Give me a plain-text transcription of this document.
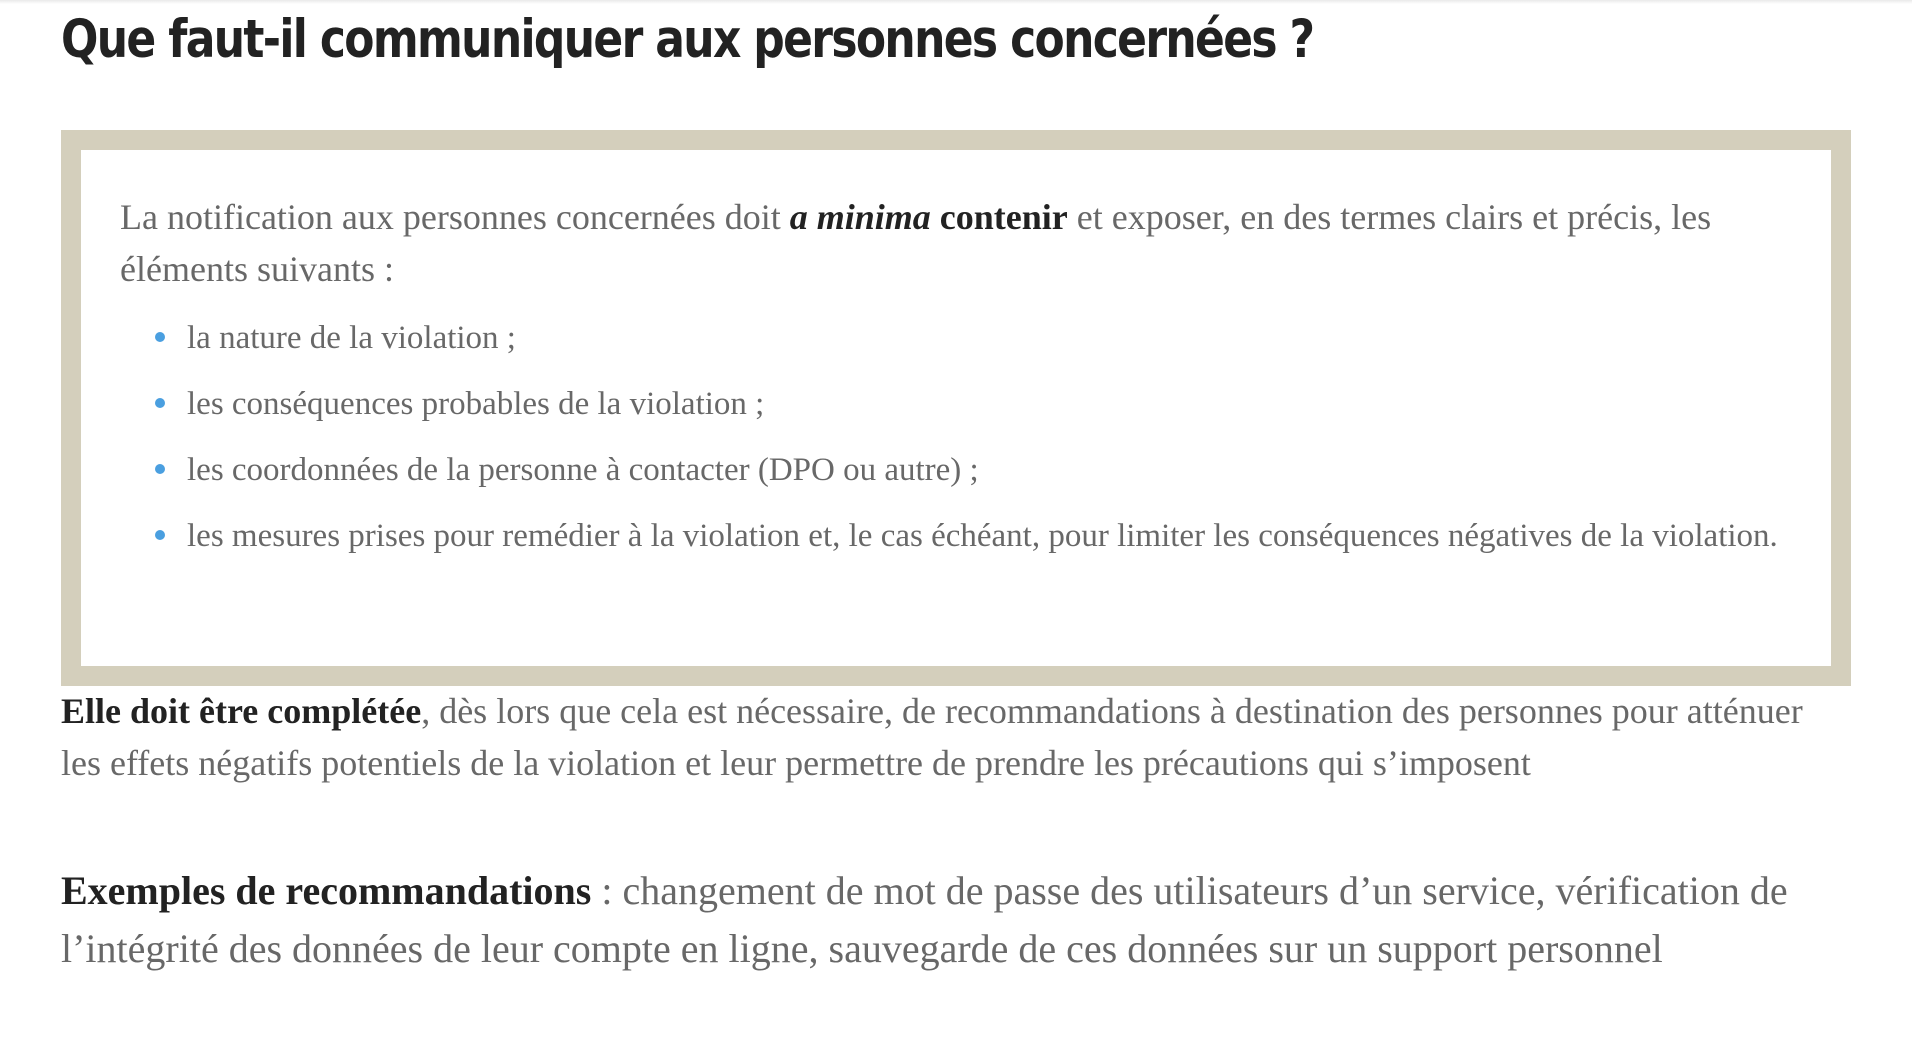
Que faut-il communiquer aux personnes concernées ?

La notification aux personnes concernées doit a minima contenir et exposer, en des termes clairs et précis, les éléments suivants :

la nature de la violation ;
les conséquences probables de la violation ;
les coordonnées de la personne à contacter (DPO ou autre) ;
les mesures prises pour remédier à la violation et, le cas échéant, pour limiter les conséquences négatives de la violation.

Elle doit être complétée, dès lors que cela est nécessaire, de recommandations à destination des personnes pour atténuer les effets négatifs potentiels de la violation et leur permettre de prendre les précautions qui s’imposent

Exemples de recommandations : changement de mot de passe des utilisateurs d’un service, vérification de l’intégrité des données de leur compte en ligne, sauvegarde de ces données sur un support personnel
